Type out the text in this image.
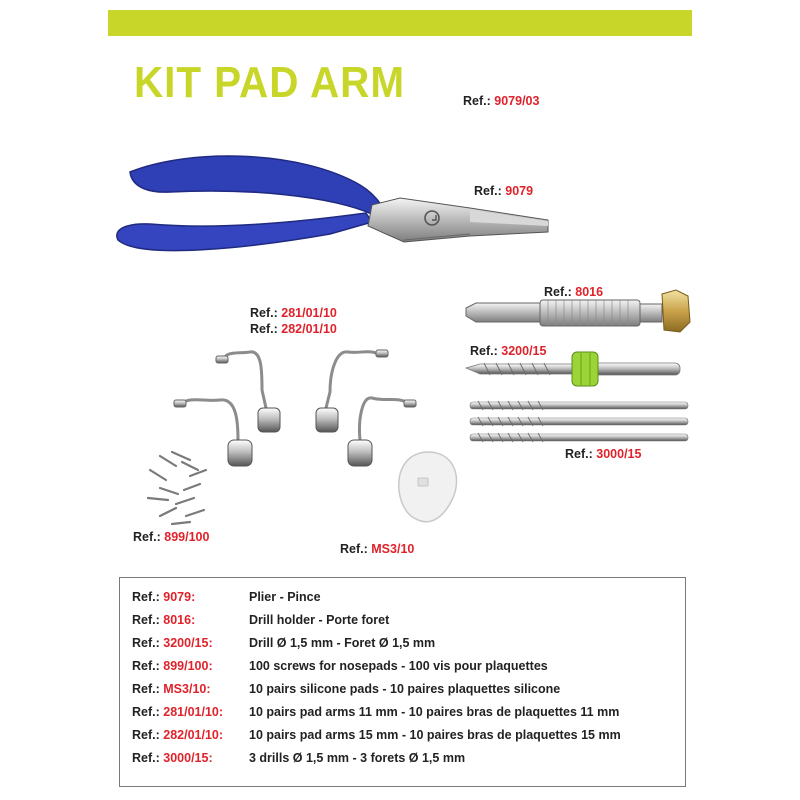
KIT PAD ARM	Ref.: 9079/03
Ref.: 9079
Ref.: 8016
Ref.: 281/01/10
Ref.: 282/01/10
Ref.: 3200/15
Ref.: 3000/15
Ref.: 899/100
Ref.: MS3/10
Ref.: 9079:	Plier - Pince
Ref.: 8016:	Drill holder - Porte foret
Ref.: 3200/15:	Drill Ø 1,5 mm - Foret Ø 1,5 mm
Ref.: 899/100:	100 screws for nosepads - 100 vis pour plaquettes
Ref.: MS3/10:	10 pairs silicone pads - 10 paires plaquettes silicone
Ref.: 281/01/10: 10 pairs pad arms 11 mm - 10 paires bras de plaquettes 11 mm
Ref.: 282/01/10: 10 pairs pad arms 15 mm - 10 paires bras de plaquettes 15 mm
Ref.: 3000/15:	3 drills Ø 1,5 mm - 3 forets Ø 1,5 mm
